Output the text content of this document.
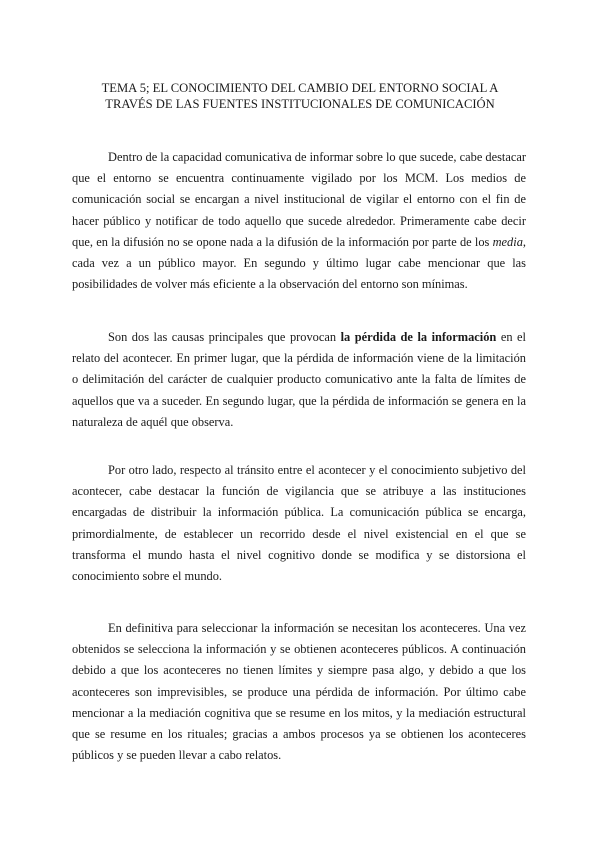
TEMA 5; EL CONOCIMIENTO DEL CAMBIO DEL ENTORNO SOCIAL A
TRAVÉS DE LAS FUENTES INSTITUCIONALES DE COMUNICACIÓN

Dentro de la capacidad comunicativa de informar sobre lo que sucede, cabe destacar que el entorno se encuentra continuamente vigilado por los MCM. Los medios de comunicación social se encargan a nivel institucional de vigilar el entorno con el fin de hacer público y notificar de todo aquello que sucede alrededor. Primeramente cabe decir que, en la difusión no se opone nada a la difusión de la información por parte de los media, cada vez a un público mayor. En segundo y último lugar cabe mencionar que las posibilidades de volver más eficiente a la observación del entorno son mínimas.

Son dos las causas principales que provocan la pérdida de la información en el relato del acontecer. En primer lugar, que la pérdida de información viene de la limitación o delimitación del carácter de cualquier producto comunicativo ante la falta de límites de aquellos que va a suceder. En segundo lugar, que la pérdida de información se genera en la naturaleza de aquél que observa.

Por otro lado, respecto al tránsito entre el acontecer y el conocimiento subjetivo del acontecer, cabe destacar la función de vigilancia que se atribuye a las instituciones encargadas de distribuir la información pública. La comunicación pública se encarga, primordialmente, de establecer un recorrido desde el nivel existencial en el que se transforma el mundo hasta el nivel cognitivo donde se modifica y se distorsiona el conocimiento sobre el mundo.

En definitiva para seleccionar la información se necesitan los aconteceres. Una vez obtenidos se selecciona la información y se obtienen aconteceres públicos. A continuación debido a que los aconteceres no tienen límites y siempre pasa algo, y debido a que los aconteceres son imprevisibles, se produce una pérdida de información. Por último cabe mencionar a la mediación cognitiva que se resume en los mitos, y la mediación estructural que se resume en los rituales; gracias a ambos procesos ya se obtienen los aconteceres públicos y se pueden llevar a cabo relatos.
